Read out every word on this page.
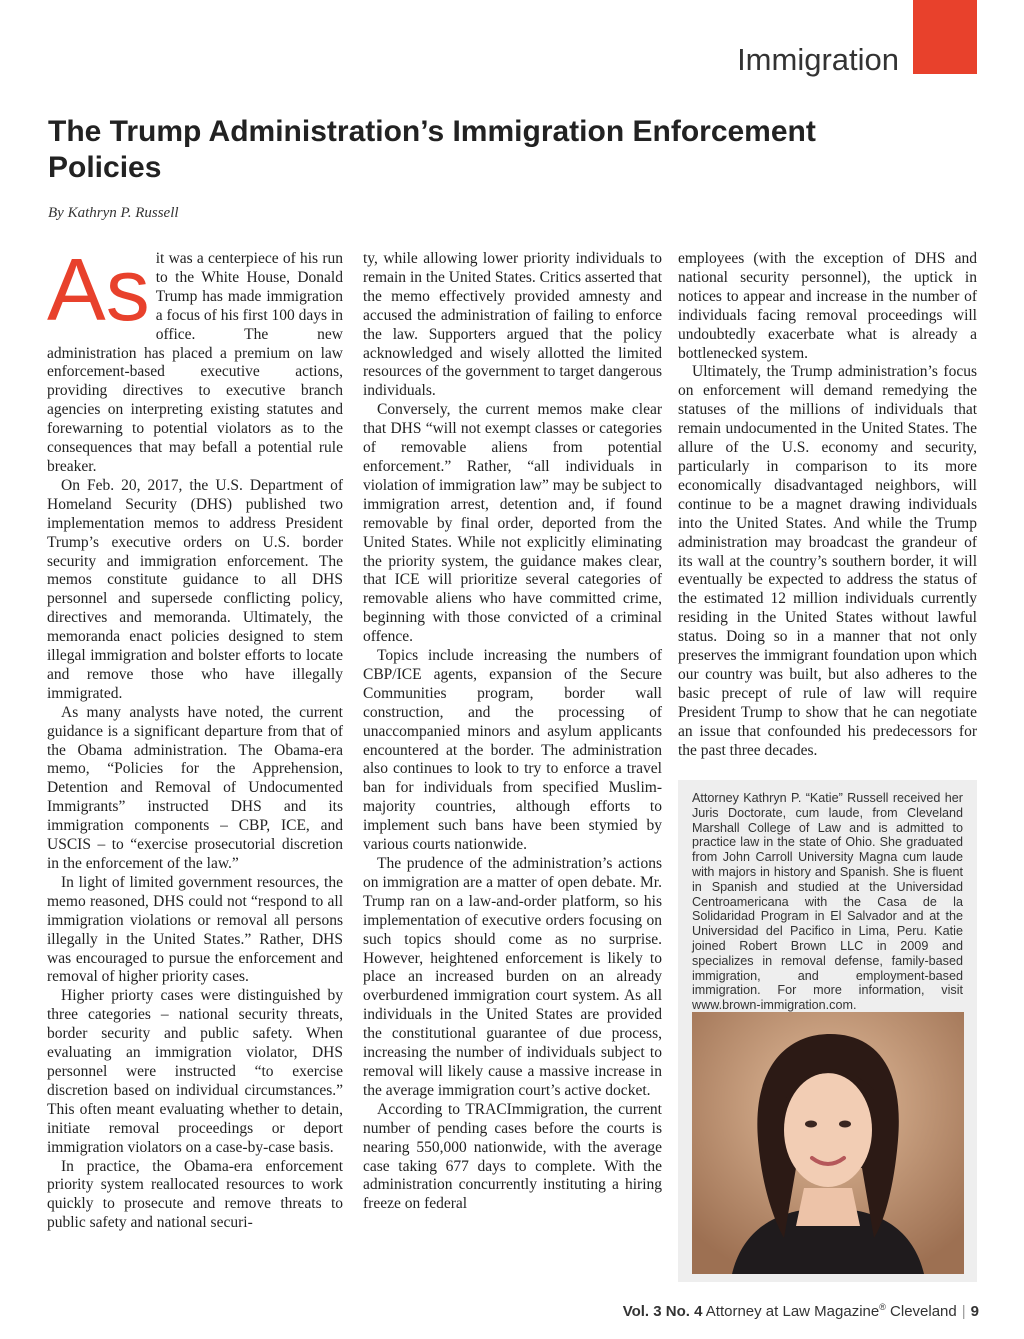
Immigration
The Trump Administration’s Immigration Enforcement Policies
By Kathryn P. Russell

As it was a centerpiece of his run to the White House, Donald Trump has made immigration a focus of his first 100 days in office. The new administration has placed a premium on law enforcement-based executive actions, providing directives to executive branch agencies on interpreting existing statutes and forewarning to potential violators as to the consequences that may befall a potential rule breaker.

On Feb. 20, 2017, the U.S. Department of Homeland Security (DHS) published two implementation memos to address President Trump’s executive orders on U.S. border security and immigration enforcement. The memos constitute guidance to all DHS personnel and supersede conflicting policy, directives and memoranda. Ultimately, the memoranda enact policies designed to stem illegal immigration and bolster efforts to locate and remove those who have illegally immigrated.

As many analysts have noted, the current guidance is a significant departure from that of the Obama administration. The Obama-era memo, “Policies for the Apprehension, Detention and Removal of Undocumented Immigrants” instructed DHS and its immigration components – CBP, ICE, and USCIS – to “exercise prosecutorial discretion in the enforcement of the law.”

In light of limited government resources, the memo reasoned, DHS could not “respond to all immigration violations or removal all persons illegally in the United States.” Rather, DHS was encouraged to pursue the enforcement and removal of higher priority cases.

Higher priorty cases were distinguished by three categories – national security threats, border security and public safety. When evaluating an immigration violator, DHS personnel were instructed “to exercise discretion based on individual circumstances.” This often meant evaluating whether to detain, initiate removal proceedings or deport immigration violators on a case-by-case basis.

In practice, the Obama-era enforcement priority system reallocated resources to work quickly to prosecute and remove threats to public safety and national securi-

ty, while allowing lower priority individuals to remain in the United States. Critics asserted that the memo effectively provided amnesty and accused the administration of failing to enforce the law. Supporters argued that the policy acknowledged and wisely allotted the limited resources of the government to target dangerous individuals.

Conversely, the current memos make clear that DHS “will not exempt classes or categories of removable aliens from potential enforcement.” Rather, “all individuals in violation of immigration law” may be subject to immigration arrest, detention and, if found removable by final order, deported from the United States. While not explicitly eliminating the priority system, the guidance makes clear, that ICE will prioritize several categories of removable aliens who have committed crime, beginning with those convicted of a criminal offence.

Topics include increasing the numbers of CBP/ICE agents, expansion of the Secure Communities program, border wall construction, and the processing of unaccompanied minors and asylum applicants encountered at the border. The administration also continues to look to try to enforce a travel ban for individuals from specified Muslim-majority countries, although efforts to implement such bans have been stymied by various courts nationwide.

The prudence of the administration’s actions on immigration are a matter of open debate. Mr. Trump ran on a law-and-order platform, so his implementation of executive orders focusing on such topics should come as no surprise. However, heightened enforcement is likely to place an increased burden on an already overburdened immigration court system. As all individuals in the United States are provided the constitutional guarantee of due process, increasing the number of individuals subject to removal will likely cause a massive increase in the average immigration court’s active docket.

According to TRACImmigration, the current number of pending cases before the courts is nearing 550,000 nationwide, with the average case taking 677 days to complete. With the administration concurrently instituting a hiring freeze on federal

employees (with the exception of DHS and national security personnel), the uptick in notices to appear and increase in the number of individuals facing removal proceedings will undoubtedly exacerbate what is already a bottlenecked system.

Ultimately, the Trump administration’s focus on enforcement will demand remedying the statuses of the millions of individuals that remain undocumented in the United States. The allure of the U.S. economy and security, particularly in comparison to its more economically disadvantaged neighbors, will continue to be a magnet drawing individuals into the United States. And while the Trump administration may broadcast the grandeur of its wall at the country’s southern border, it will eventually be expected to address the status of the estimated 12 million individuals currently residing in the United States without lawful status. Doing so in a manner that not only preserves the immigrant foundation upon which our country was built, but also adheres to the basic precept of rule of law will require President Trump to show that he can negotiate an issue that confounded his predecessors for the past three decades.

Attorney Kathryn P. “Katie” Russell received her Juris Doctorate, cum laude, from Cleveland Marshall College of Law and is admitted to practice law in the state of Ohio. She graduated from John Carroll University Magna cum laude with majors in history and Spanish. She is fluent in Spanish and studied at the Universidad Centroamericana with the Casa de la Solidaridad Program in El Salvador and at the Universidad del Pacifico in Lima, Peru. Katie joined Robert Brown LLC in 2009 and specializes in removal defense, family-based immigration, and employment-based immigration. For more information, visit www.brown-immigration.com.

Vol. 3 No. 4 Attorney at Law Magazine® Cleveland | 9
